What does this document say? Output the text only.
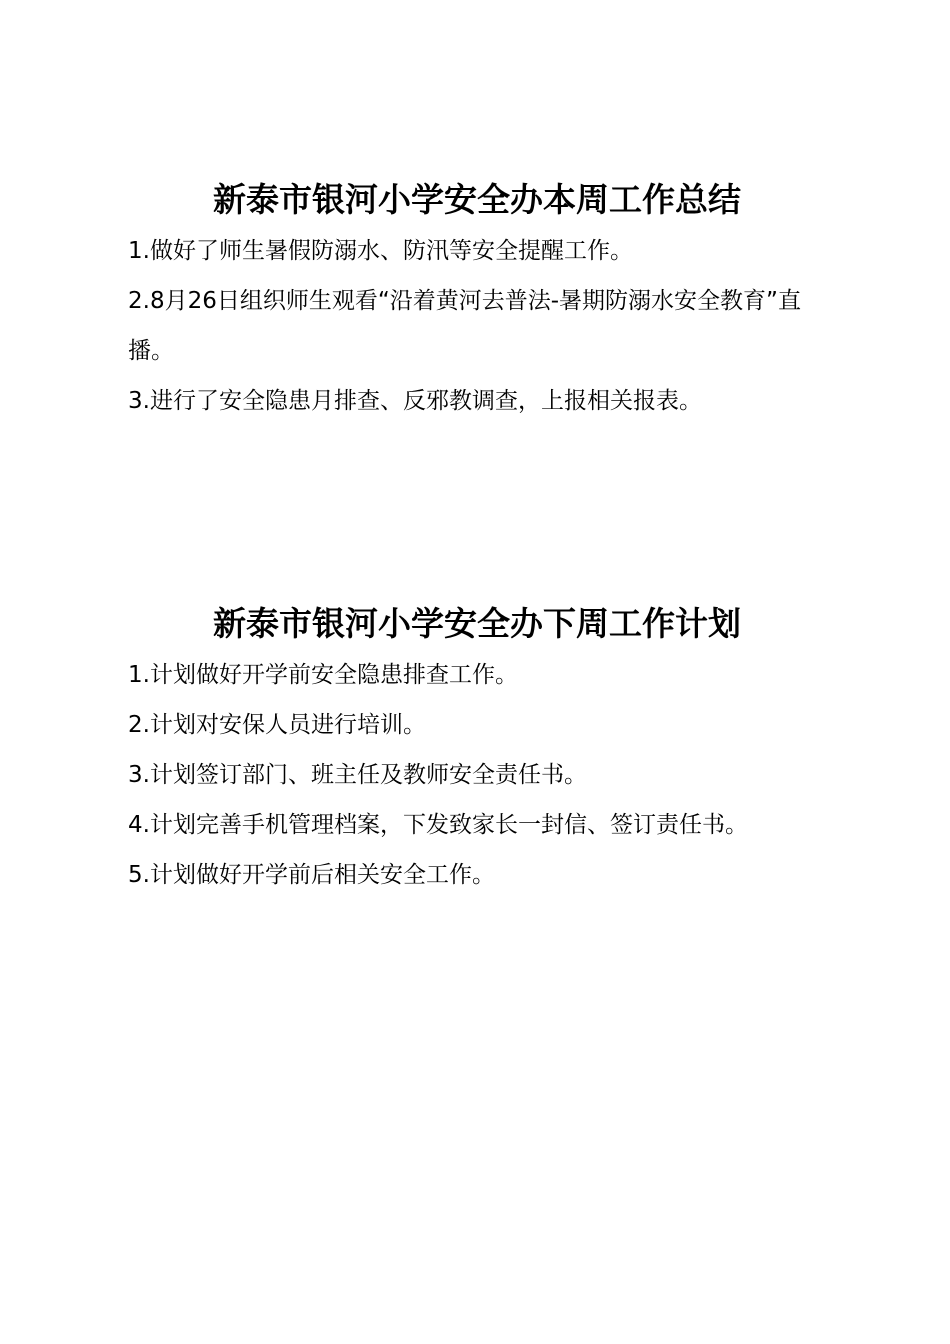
新泰市银河小学安全办本周工作总结
1.做好了师生暑假防溺水、防汛等安全提醒工作。
2.8月26日组织师生观看“沿着黄河去普法-暑期防溺水安全教育”直播。
3.进行了安全隐患月排查、反邪教调查，上报相关报表。
新泰市银河小学安全办下周工作计划
1.计划做好开学前安全隐患排查工作。
2.计划对安保人员进行培训。
3.计划签订部门、班主任及教师安全责任书。
4.计划完善手机管理档案，下发致家长一封信、签订责任书。
5.计划做好开学前后相关安全工作。
